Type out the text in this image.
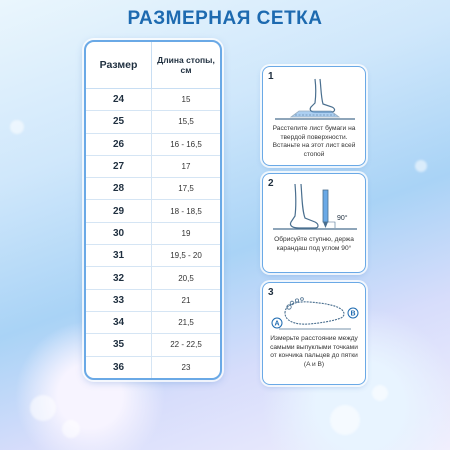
РАЗМЕРНАЯ СЕТКА
Размер	Длина стопы, см
24	15
25	15,5
26	16 - 16,5
27	17
28	17,5
29	18 - 18,5
30	19
31	19,5 - 20
32	20,5
33	21
34	21,5
35	22 - 22,5
36	23
1
Расстелите лист бумаги на твердой поверхности. Встаньте на этот лист всей стопой
2
90°
Обрисуйте ступню, держа карандаш под углом 90°
3
A
B
Измерьте расстояние между самыми выпуклыми точками от кончика пальцев до пятки (A и B)
